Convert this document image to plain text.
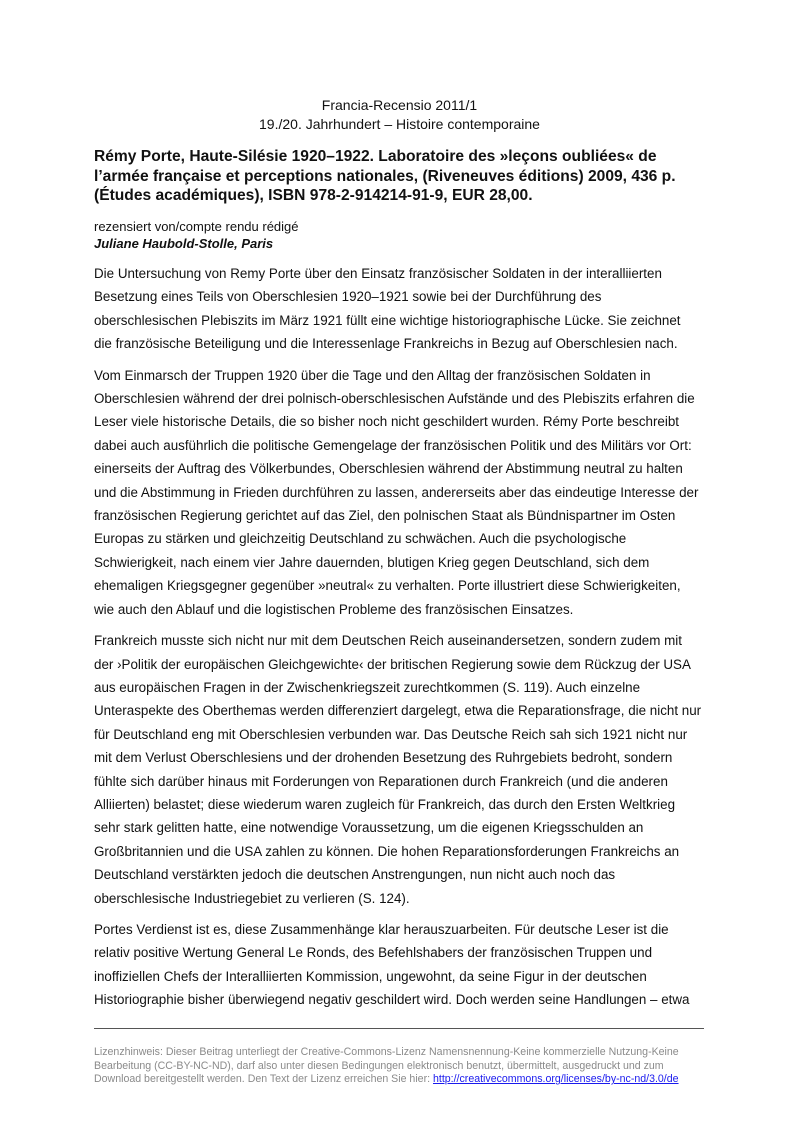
Francia-Recensio 2011/1
19./20. Jahrhundert – Histoire contemporaine
Rémy Porte, Haute-Silésie 1920–1922. Laboratoire des »leçons oubliées« de
l’armée française et perceptions nationales, (Riveneuves éditions) 2009, 436 p.
(Études académiques), ISBN 978-2-914214-91-9, EUR 28,00.
rezensiert von/compte rendu rédigé
Juliane Haubold-Stolle, Paris

Die Untersuchung von Remy Porte über den Einsatz französischer Soldaten in der interalliierten
Besetzung eines Teils von Oberschlesien 1920–1921 sowie bei der Durchführung des
oberschlesischen Plebiszits im März 1921 füllt eine wichtige historiographische Lücke. Sie zeichnet
die französische Beteiligung und die Interessenlage Frankreichs in Bezug auf Oberschlesien nach.

Vom Einmarsch der Truppen 1920 über die Tage und den Alltag der französischen Soldaten in
Oberschlesien während der drei polnisch-oberschlesischen Aufstände und des Plebiszits erfahren die
Leser viele historische Details, die so bisher noch nicht geschildert wurden. Rémy Porte beschreibt
dabei auch ausführlich die politische Gemengelage der französischen Politik und des Militärs vor Ort:
einerseits der Auftrag des Völkerbundes, Oberschlesien während der Abstimmung neutral zu halten
und die Abstimmung in Frieden durchführen zu lassen, andererseits aber das eindeutige Interesse der
französischen Regierung gerichtet auf das Ziel, den polnischen Staat als Bündnispartner im Osten
Europas zu stärken und gleichzeitig Deutschland zu schwächen. Auch die psychologische
Schwierigkeit, nach einem vier Jahre dauernden, blutigen Krieg gegen Deutschland, sich dem
ehemaligen Kriegsgegner gegenüber »neutral« zu verhalten. Porte illustriert diese Schwierigkeiten,
wie auch den Ablauf und die logistischen Probleme des französischen Einsatzes.

Frankreich musste sich nicht nur mit dem Deutschen Reich auseinandersetzen, sondern zudem mit
der ›Politik der europäischen Gleichgewichte‹ der britischen Regierung sowie dem Rückzug der USA
aus europäischen Fragen in der Zwischenkriegszeit zurechtkommen (S. 119). Auch einzelne
Unteraspekte des Oberthemas werden differenziert dargelegt, etwa die Reparationsfrage, die nicht nur
für Deutschland eng mit Oberschlesien verbunden war. Das Deutsche Reich sah sich 1921 nicht nur
mit dem Verlust Oberschlesiens und der drohenden Besetzung des Ruhrgebiets bedroht, sondern
fühlte sich darüber hinaus mit Forderungen von Reparationen durch Frankreich (und die anderen
Alliierten) belastet; diese wiederum waren zugleich für Frankreich, das durch den Ersten Weltkrieg
sehr stark gelitten hatte, eine notwendige Voraussetzung, um die eigenen Kriegsschulden an
Großbritannien und die USA zahlen zu können. Die hohen Reparationsforderungen Frankreichs an
Deutschland verstärkten jedoch die deutschen Anstrengungen, nun nicht auch noch das
oberschlesische Industriegebiet zu verlieren (S. 124).

Portes Verdienst ist es, diese Zusammenhänge klar herauszuarbeiten. Für deutsche Leser ist die
relativ positive Wertung General Le Ronds, des Befehlshabers der französischen Truppen und
inoffiziellen Chefs der Interalliierten Kommission, ungewohnt, da seine Figur in der deutschen
Historiographie bisher überwiegend negativ geschildert wird. Doch werden seine Handlungen – etwa

Lizenzhinweis: Dieser Beitrag unterliegt der Creative-Commons-Lizenz Namensnennung-Keine kommerzielle Nutzung-Keine
Bearbeitung (CC-BY-NC-ND), darf also unter diesen Bedingungen elektronisch benutzt, übermittelt, ausgedruckt und zum
Download bereitgestellt werden. Den Text der Lizenz erreichen Sie hier: http://creativecommons.org/licenses/by-nc-nd/3.0/de
